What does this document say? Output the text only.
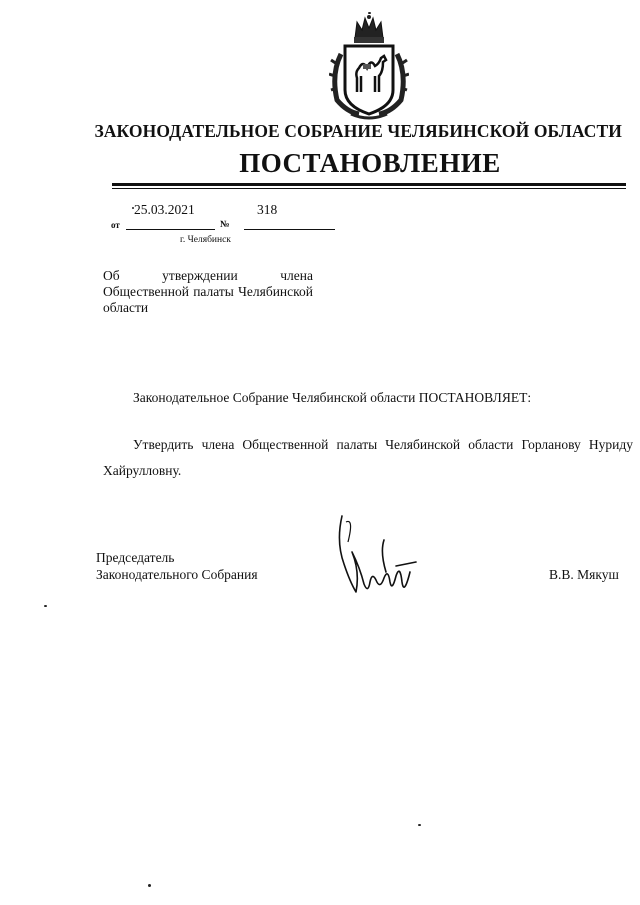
ЗАКОНОДАТЕЛЬНОЕ СОБРАНИЕ ЧЕЛЯБИНСКОЙ ОБЛАСТИ
ПОСТАНОВЛЕНИЕ
25.03.2021	318
от	№
г. Челябинск
Об утверждении члена Общественной палаты Челябинской области
Законодательное Собрание Челябинской области ПОСТАНОВЛЯЕТ:
Утвердить члена Общественной палаты Челябинской области Горланову Нуриду
Хайрулловну.
Председатель
Законодательного Собрания	В.В. Мякуш
